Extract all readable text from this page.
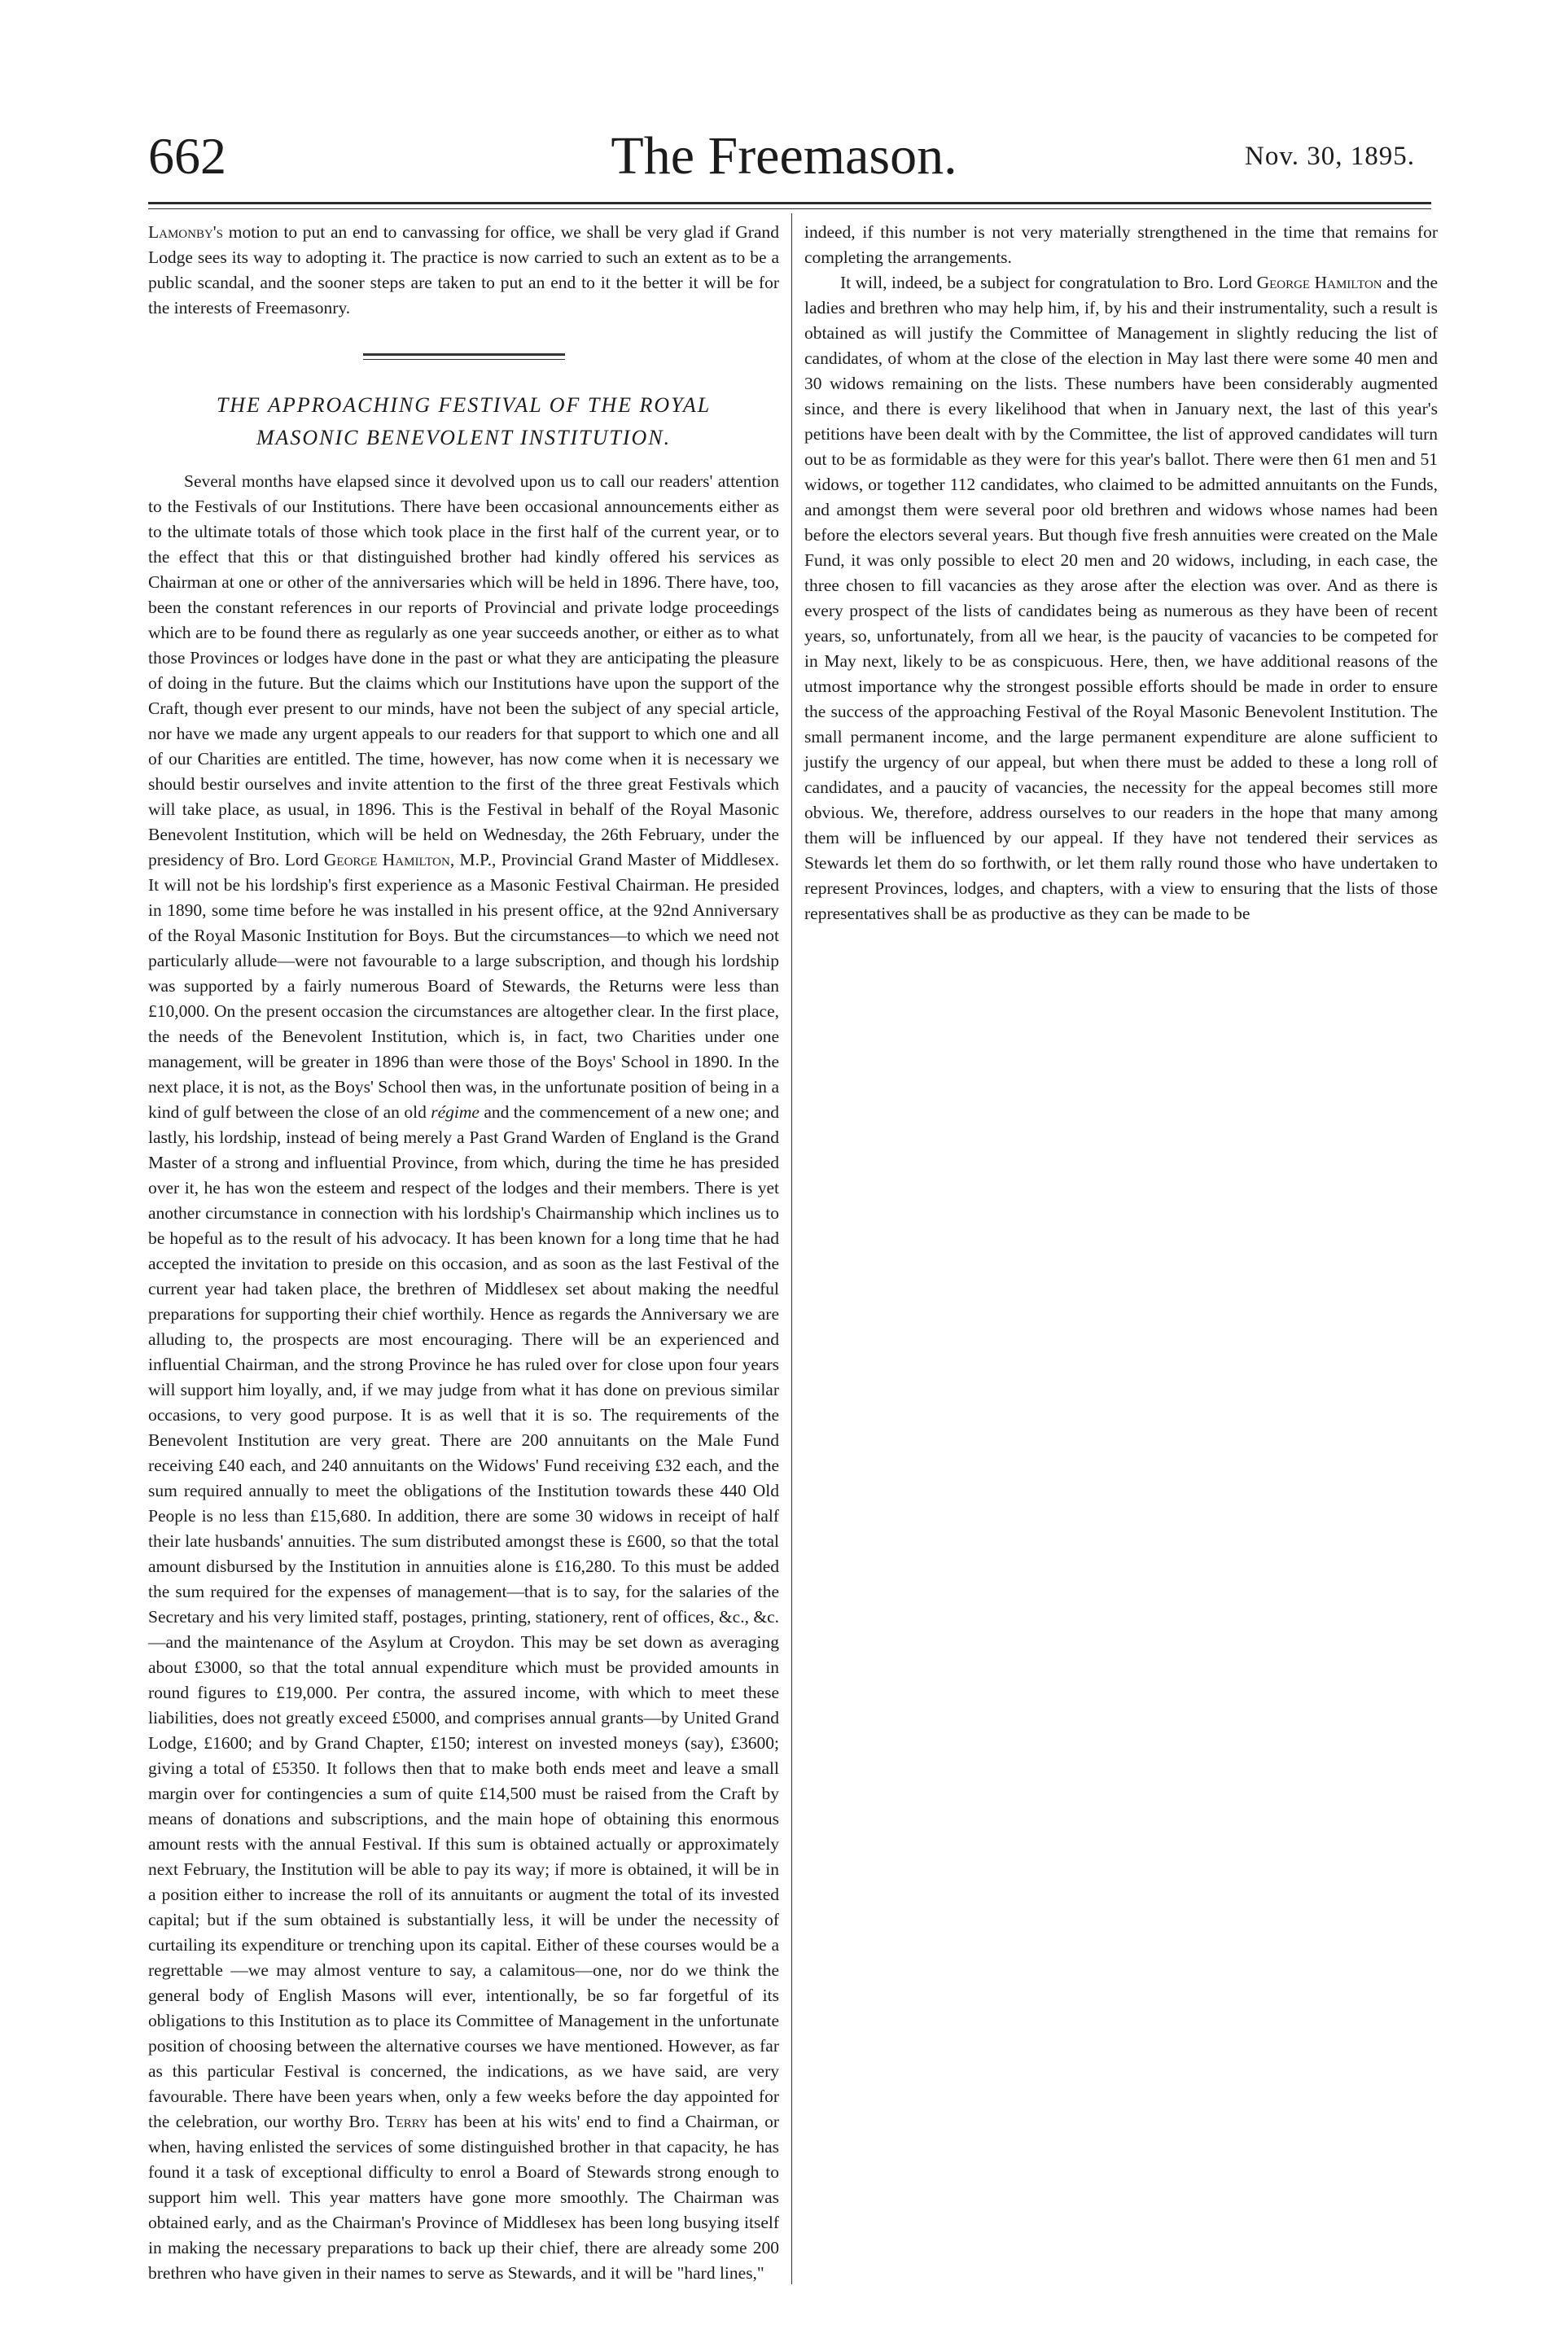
662	The Freemason.	Nov. 30, 1895.

Lamonby's motion to put an end to canvassing for office, we shall be very glad if Grand Lodge sees its way to adopting it. The practice is now carried to such an extent as to be a public scandal, and the sooner steps are taken to put an end to it the better it will be for the interests of Freemasonry.

THE APPROACHING FESTIVAL OF THE ROYAL
MASONIC BENEVOLENT INSTITUTION.

Several months have elapsed since it devolved upon us to call our readers' attention to the Festivals of our Institutions. There have been occasional announcements either as to the ultimate totals of those which took place in the first half of the current year, or to the effect that this or that distinguished brother had kindly offered his services as Chairman at one or other of the anniversaries which will be held in 1896. There have, too, been the constant references in our reports of Provincial and private lodge proceedings which are to be found there as regularly as one year succeeds another, or either as to what those Provinces or lodges have done in the past or what they are anticipating the pleasure of doing in the future. But the claims which our Institutions have upon the support of the Craft, though ever present to our minds, have not been the subject of any special article, nor have we made any urgent appeals to our readers for that support to which one and all of our Charities are entitled. The time, however, has now come when it is necessary we should bestir ourselves and invite attention to the first of the three great Festivals which will take place, as usual, in 1896. This is the Festival in behalf of the Royal Masonic Benevolent Institution, which will be held on Wednesday, the 26th February, under the presidency of Bro. Lord George Hamilton, M.P., Provincial Grand Master of Middlesex. It will not be his lordship's first experience as a Masonic Festival Chairman. He presided in 1890, some time before he was installed in his present office, at the 92nd Anniversary of the Royal Masonic Institution for Boys. But the circumstances—to which we need not particularly allude—were not favourable to a large subscription, and though his lordship was supported by a fairly numerous Board of Stewards, the Returns were less than £10,000. On the present occasion the circumstances are altogether clear. In the first place, the needs of the Benevolent Institution, which is, in fact, two Charities under one management, will be greater in 1896 than were those of the Boys' School in 1890. In the next place, it is not, as the Boys' School then was, in the unfortunate position of being in a kind of gulf between the close of an old régime and the commencement of a new one; and lastly, his lordship, instead of being merely a Past Grand Warden of England is the Grand Master of a strong and influential Province, from which, during the time he has presided over it, he has won the esteem and respect of the lodges and their members. There is yet another circumstance in connection with his lordship's Chairmanship which inclines us to be hopeful as to the result of his advocacy. It has been known for a long time that he had accepted the invitation to preside on this occasion, and as soon as the last Festival of the current year had taken place, the brethren of Middlesex set about making the needful preparations for supporting their chief worthily. Hence as regards the Anniversary we are alluding to, the prospects are most encouraging. There will be an experienced and influential Chairman, and the strong Province he has ruled over for close upon four years will support him loyally, and, if we may judge from what it has done on previous similar occasions, to very good purpose. It is as well that it is so. The requirements of the Benevolent Institution are very great. There are 200 annuitants on the Male Fund receiving £40 each, and 240 annuitants on the Widows' Fund receiving £32 each, and the sum required annually to meet the obligations of the Institution towards these 440 Old People is no less than £15,680. In addition, there are some 30 widows in receipt of half their late husbands' annuities. The sum distributed amongst these is £600, so that the total amount disbursed by the Institution in annuities alone is £16,280. To this must be added the sum required for the expenses of management—that is to say, for the salaries of the Secretary and his very limited staff, postages, printing, stationery, rent of offices, &c., &c.—and the maintenance of the Asylum at Croydon. This may be set down as averaging about £3000, so that the total annual expenditure which must be provided amounts in round figures to £19,000. Per contra, the assured income, with which to meet these liabilities, does not greatly exceed £5000, and comprises annual grants—by United Grand Lodge, £1600; and by Grand Chapter, £150; interest on invested moneys (say), £3600; giving a total of £5350. It follows then that to make both ends meet and leave a small margin over for contingencies a sum of quite £14,500 must be raised from the Craft by means of donations and subscriptions, and the main hope of obtaining this enormous amount rests with the annual Festival. If this sum is obtained actually or approximately next February, the Institution will be able to pay its way; if more is obtained, it will be in a position either to increase the roll of its annuitants or augment the total of its invested capital; but if the sum obtained is substantially less, it will be under the necessity of curtailing its expenditure or trenching upon its capital. Either of these courses would be a regrettable —we may almost venture to say, a calamitous—one, nor do we think the general body of English Masons will ever, intentionally, be so far forgetful of its obligations to this Institution as to place its Committee of Management in the unfortunate position of choosing between the alternative courses we have mentioned. However, as far as this particular Festival is concerned, the indications, as we have said, are very favourable. There have been years when, only a few weeks before the day appointed for the celebration, our worthy Bro. Terry has been at his wits' end to find a Chairman, or when, having enlisted the services of some distinguished brother in that capacity, he has found it a task of exceptional difficulty to enrol a Board of Stewards strong enough to support him well. This year matters have gone more smoothly. The Chairman was obtained early, and as the Chairman's Province of Middlesex has been long busying itself in making the necessary preparations to back up their chief, there are already some 200 brethren who have given in their names to serve as Stewards, and it will be "hard lines,"

indeed, if this number is not very materially strengthened in the time that remains for completing the arrangements.

It will, indeed, be a subject for congratulation to Bro. Lord George Hamilton and the ladies and brethren who may help him, if, by his and their instrumentality, such a result is obtained as will justify the Committee of Management in slightly reducing the list of candidates, of whom at the close of the election in May last there were some 40 men and 30 widows remaining on the lists. These numbers have been considerably augmented since, and there is every likelihood that when in January next, the last of this year's petitions have been dealt with by the Committee, the list of approved candidates will turn out to be as formidable as they were for this year's ballot. There were then 61 men and 51 widows, or together 112 candidates, who claimed to be admitted annuitants on the Funds, and amongst them were several poor old brethren and widows whose names had been before the electors several years. But though five fresh annuities were created on the Male Fund, it was only possible to elect 20 men and 20 widows, including, in each case, the three chosen to fill vacancies as they arose after the election was over. And as there is every prospect of the lists of candidates being as numerous as they have been of recent years, so, unfortunately, from all we hear, is the paucity of vacancies to be competed for in May next, likely to be as conspicuous. Here, then, we have additional reasons of the utmost importance why the strongest possible efforts should be made in order to ensure the success of the approaching Festival of the Royal Masonic Benevolent Institution. The small permanent income, and the large permanent expenditure are alone sufficient to justify the urgency of our appeal, but when there must be added to these a long roll of candidates, and a paucity of vacancies, the necessity for the appeal becomes still more obvious. We, therefore, address ourselves to our readers in the hope that many among them will be influenced by our appeal. If they have not tendered their services as Stewards let them do so forthwith, or let them rally round those who have undertaken to represent Provinces, lodges, and chapters, with a view to ensuring that the lists of those representatives shall be as productive as they can be made to be
